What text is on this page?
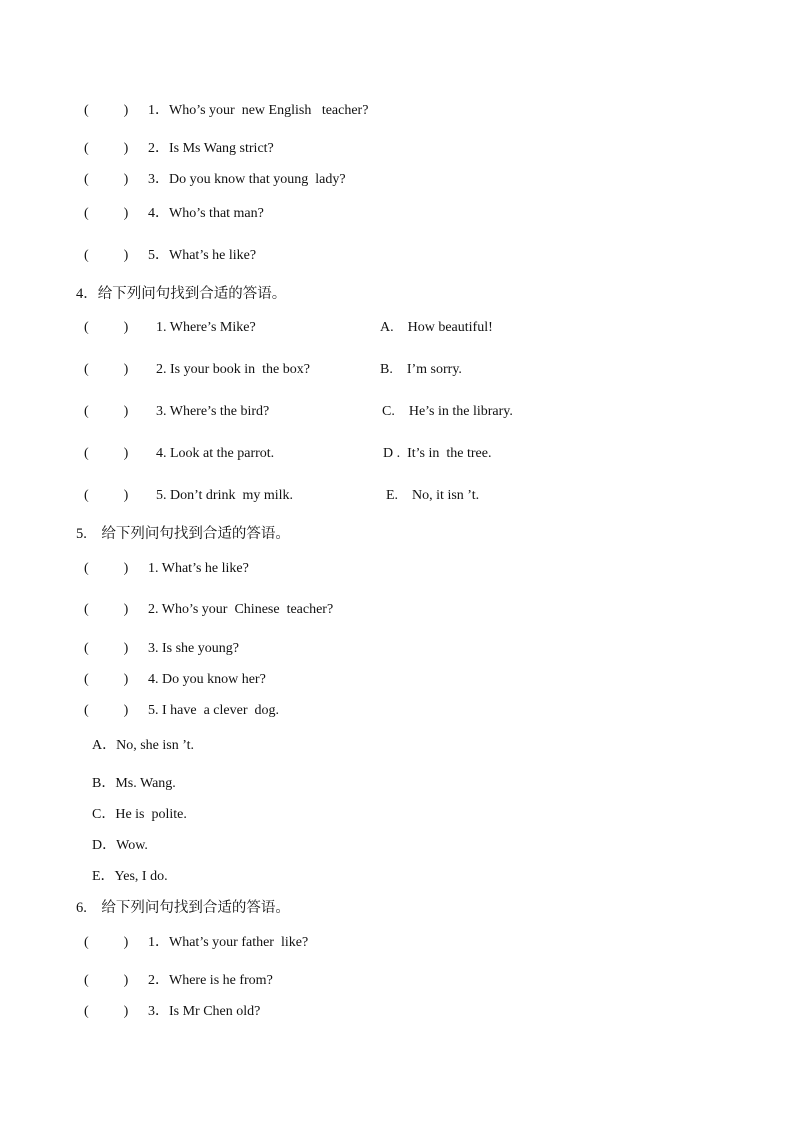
(          ) 1．Who’s your  new English   teacher?
(          ) 2．Is Ms Wang strict?
(          ) 3．Do you know that young  lady?
(          ) 4．Who’s that man?
(          ) 5．What’s he like?
4．给下列问句找到合适的答语。
(          ) 1. Where’s Mike?	A.    How beautiful!
(          ) 2. Is your book in  the box?	B.    I’m sorry.
(          ) 3. Where’s the bird?	C.    He’s in the library.
(          ) 4. Look at the parrot.	D .  It’s in  the tree.
(          ) 5. Don’t drink  my milk.	E.    No, it isn ’t.
5.    给下列问句找到合适的答语。
(          ) 1. What’s he like?
(          ) 2. Who’s your  Chinese  teacher?
(          ) 3. Is she young?
(          ) 4. Do you know her?
(          ) 5. I have  a clever  dog.
A．No, she isn ’t.
B．Ms. Wang.
C．He is  polite.
D．Wow.
E．Yes, I do.
6.    给下列问句找到合适的答语。
(          ) 1．What’s your father  like?
(          ) 2．Where is he from?
(          ) 3．Is Mr Chen old?
